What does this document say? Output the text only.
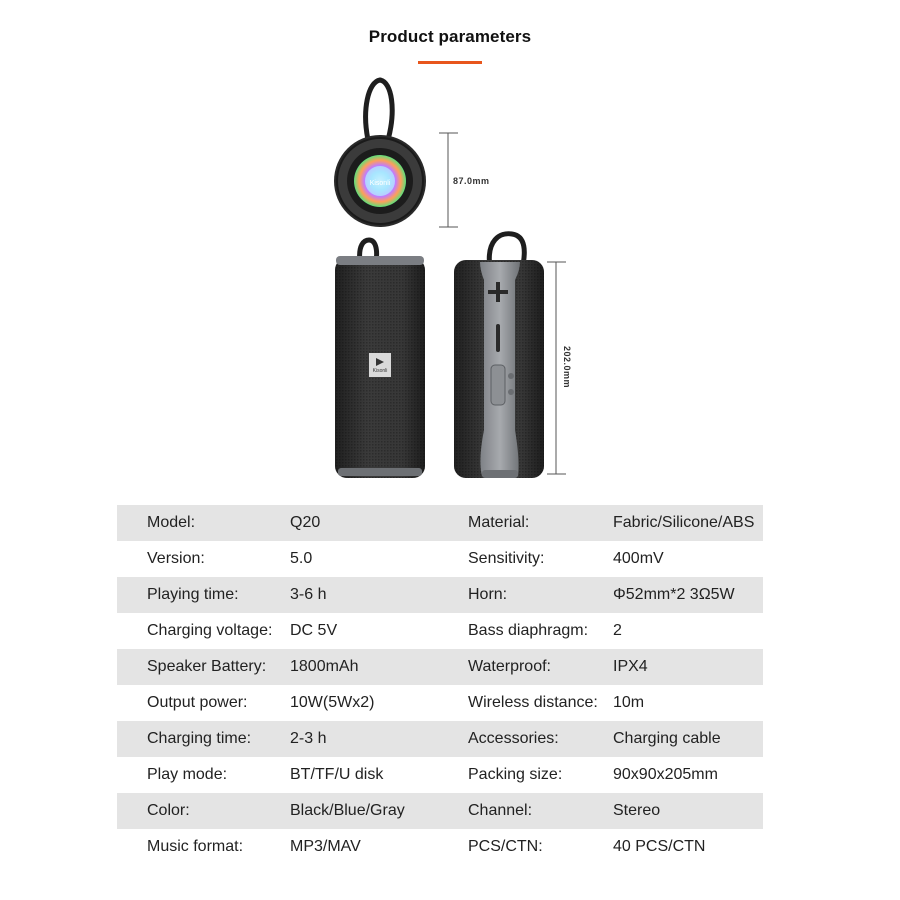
Product parameters
Kisonli
Kisonli
87.0mm
202.0mm
Model:	Q20	Material:	Fabric/Silicone/ABS
Version:	5.0	Sensitivity:	400mV
Playing time:	3-6 h	Horn:	Φ52mm*2 3Ω5W
Charging voltage: DC 5V	Bass diaphragm: 2
Speaker Battery: 1800mAh	Waterproof:	IPX4
Output power:	10W(5Wx2)	Wireless distance: 10m
Charging time: 2-3 h	Accessories:	Charging cable
Play mode:	BT/TF/U disk	Packing size:	90x90x205mm
Color:	Black/Blue/Gray	Channel:	Stereo
Music format:	MP3/MAV	PCS/CTN:	40 PCS/CTN
